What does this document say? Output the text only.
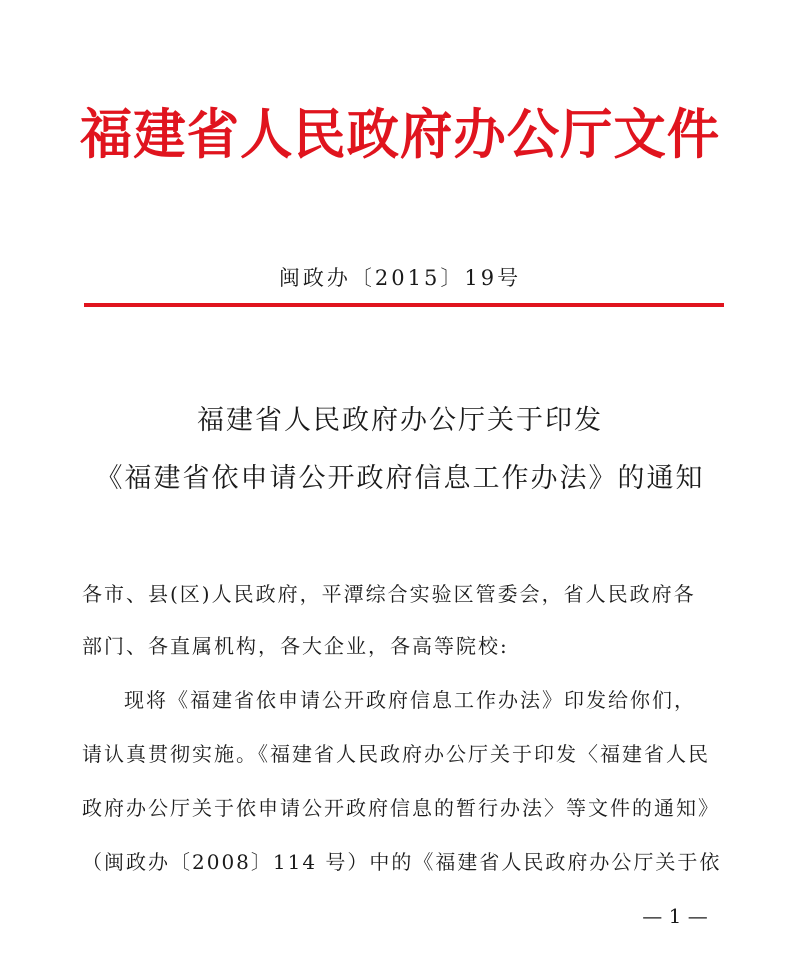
福建省人民政府办公厅文件
闽政办〔2015〕19号
福建省人民政府办公厅关于印发
《福建省依申请公开政府信息工作办法》的通知
各市、县(区)人民政府，平潭综合实验区管委会，省人民政府各
部门、各直属机构，各大企业，各高等院校:
现将《福建省依申请公开政府信息工作办法》印发给你们，
请认真贯彻实施。《福建省人民政府办公厅关于印发〈福建省人民
政府办公厅关于依申请公开政府信息的暂行办法〉等文件的通知》
（闽政办〔2008〕114 号）中的《福建省人民政府办公厅关于依
— 1 —
